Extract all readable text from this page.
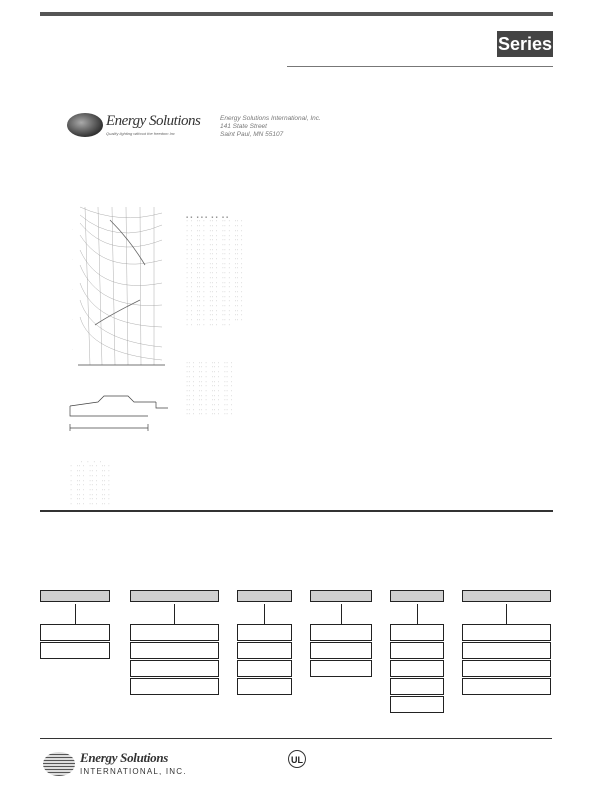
Series
Energy Solutions
Quality lighting without the freedom Inc
Energy Solutions International, Inc.
141 State Street
Saint Paul, MN 55107
·
·
·
·
·

▪ ▪  ▪ ▪ ▪  ▪ ▪  ▪ ▪
· ·  ·· ·  ·· ·  ·· ·  ·· ·
· ·  ·· ·  ·· ·  ·· ·  ·· ·
· ·  ·· ·  ·· ·  ·· ·  ·· ·
· ·  ·· ·  ·· ·  ·· ·  ·· ·
· ·  ·· ·  ·· ·  ·· ·  ·· ·
· ·  ·· ·  ·· ·  ·· ·  ·· ·
· ·  ·· ·  ·· ·  ·· ·  ·· ·
· ·  ·· ·  ·· ·  ·· ·  ·· ·
· ·  ·· ·  ·· ·  ·· ·  ·· ·
· ·  ·· ·  ·· ·  ·· ·  ·· ·
· ·  ·· ·  ·· ·  ·· ·  ·· ·
· ·  ·· ·  ·· ·  ·· ·  ·· ·
· ·  ·· ·  ·· ·  ·· ·  ·· ·
· ·  ·· ·  ·· ·  ·· ·  ·· ·
· ·  ·· ·  ·· ·  ·· ·  ·· ·
· ·  ·· ·  ·· ·  ·· ·  ·· ·
· ·  ·· ·  ·· ·  ·· ·  ·· ·
· ·  ·· ·  ·· ·  ·· ·  ·· ·
· ·  ·· ·  ·· ·  ·· ·  ·· ·
· ·  ·· ·  ·· ·  ·· ·  ·· ·
· ·  ·· ·  ·· ·  ·· ·  ·· ·
· ·  ·· ·  ·· ·  ·· ·  ·· ·
· ·  ·· ·  ·· ·  ·· ·

·· ·  ·· ·  ·· ·  ·· ·
·· ·  ·· ·  ·· ·  ·· ·
·· ·  ·· ·  ·· ·  ·· ·
·· ·  ·· ·  ·· ·  ·· ·
·· ·  ·· ·  ·· ·  ·· ·
·· ·  ·· ·  ·· ·  ·· ·
·· ·  ·· ·  ·· ·  ·· ·
·· ·  ·· ·  ·· ·  ·· ·
·· ·  ·· ·  ·· ·  ·· ·
·· ·  ·· ·  ·· ·  ·· ·
·· ·  ·· ·  ·· ·  ·· ·
·· ·  ·· ·  ·· ·  ·· ·

·  ·  ·  ·
·  ·· ·  ·· ·  ·· ·
·  ·· ·  ·· ·  ·· ·
·  ·· ·  ·· ·  ·· ·
·  ·· ·  ·· ·  ·· ·
·  ·· ·  ·· ·  ·· ·
·  ·· ·  ·· ·  ·· ·
·  ·· ·  ·· ·  ·· ·
·  ·· ·  ·· ·  ·· ·
·  ·· ·  ·· ·  ·· ·

Energy Solutions
INTERNATIONAL, INC.
UL
